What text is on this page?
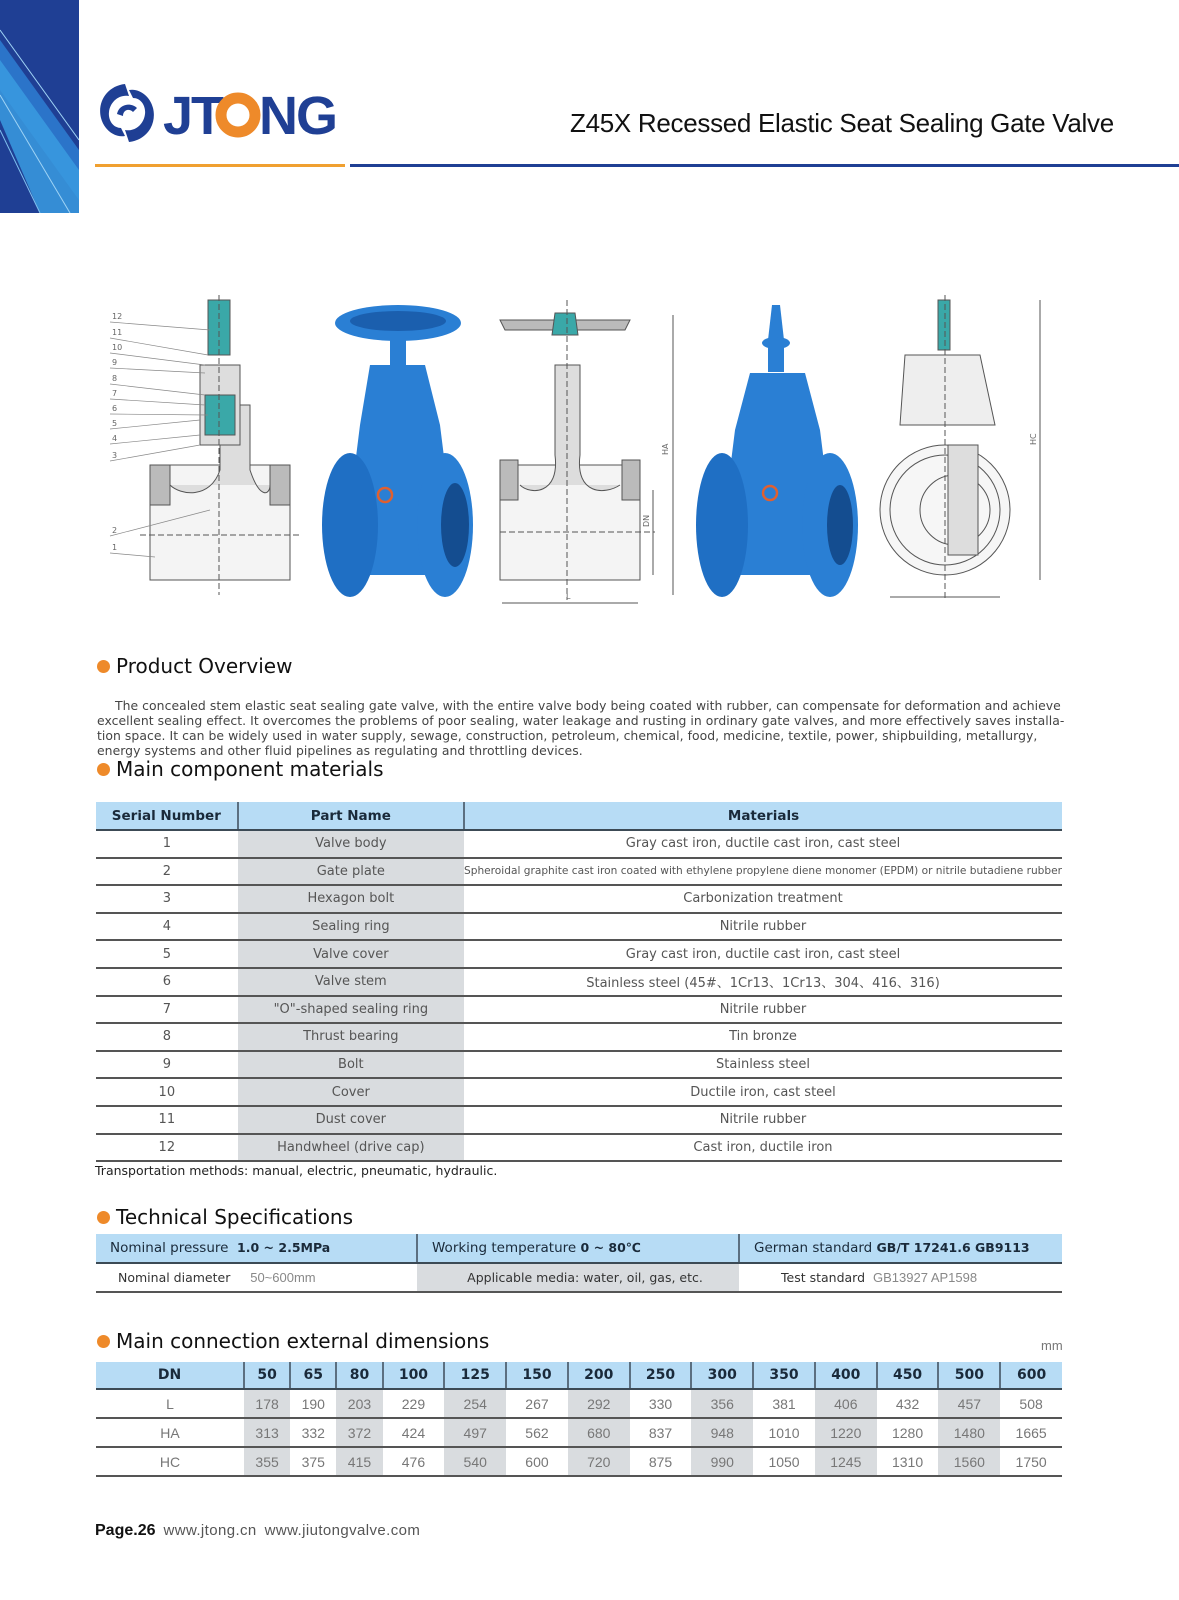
JT NG	Z45X Recessed Elastic Seat Sealing Gate Valve
12
11
10
9
8
7
6
5
4
3
2
1
HA
DN
L
HC
Product Overview

The concealed stem elastic seat sealing gate valve, with the entire valve body being coated with rubber, can compensate for deformation and achieve excellent sealing effect. It overcomes the problems of poor sealing, water leakage and rusting in ordinary gate valves, and more effectively saves installa-tion space. It can be widely used in water supply, sewage, construction, petroleum, chemical, food, medicine, textile, power, shipbuilding, metallurgy, energy systems and other fluid pipelines as regulating and throttling devices.

Main component materials
Serial Number	Part Name	Materials
1	Valve body	Gray cast iron, ductile cast iron, cast steel
2	Gate plate	Spheroidal graphite cast iron coated with ethylene propylene diene monomer (EPDM) or nitrile butadiene rubber
3	Hexagon bolt	Carbonization treatment
4	Sealing ring	Nitrile rubber
5	Valve cover	Gray cast iron, ductile cast iron, cast steel
6	Valve stem	Stainless steel (45#、1Cr13、1Cr13、304、416、316)
7	"O"-shaped sealing ring	Nitrile rubber
8	Thrust bearing	Tin bronze
9	Bolt	Stainless steel
10	Cover	Ductile iron, cast steel
11	Dust cover	Nitrile rubber
12	Handwheel (drive cap)	Cast iron, ductile iron
Transportation methods: manual, electric, pneumatic, hydraulic.
Technical Specifications
Nominal pressure 1.0 ~ 2.5MPa	Working temperature 0 ~ 80℃	German standard GB/T 17241.6 GB9113
Nominal diameter 50~600mm	Applicable media: water, oil, gas, etc.	Test standard GB13927 AP1598
Main connection external dimensions	mm
DN	50	65	80	100	125	150	200	250	300	350	400	450	500	600
L	178	190	203	229	254	267	292	330	356	381	406	432	457	508
HA	313	332	372	424	497	562	680	837	948	1010	1220	1280	1480	1665
HC	355	375	415	476	540	600	720	875	990	1050	1245	1310	1560	1750
Page.26 www.jtong.cn www.jiutongvalve.com
